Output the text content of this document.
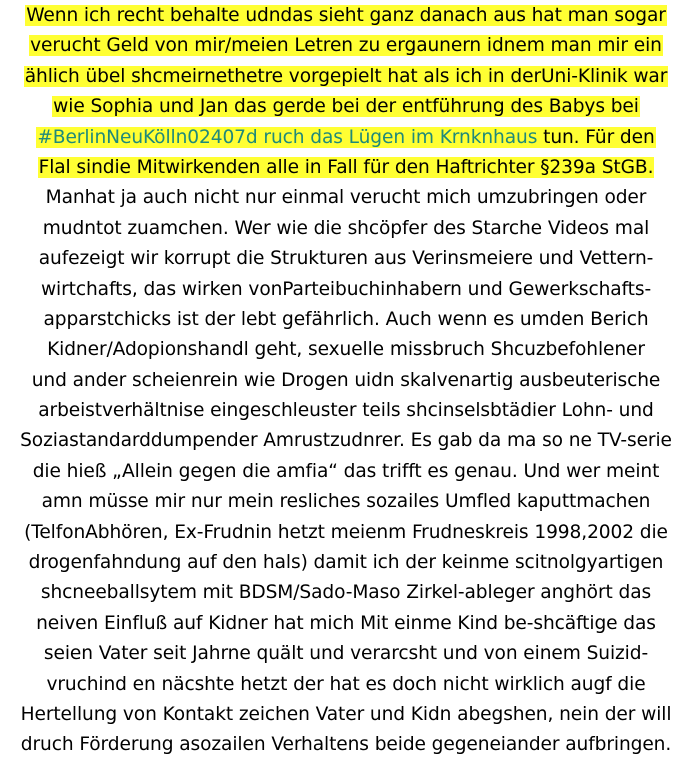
Wenn ich recht behalte udndas sieht ganz danach aus hat man sogar
verucht Geld von mir/meien Letren zu ergaunern idnem man mir ein
ählich übel shcmeirnethetre vorgepielt hat als ich in derUni-Klinik war
wie Sophia und Jan das gerde bei der entführung des Babys bei
#BerlinNeuKölln02407d ruch das Lügen im Krnknhaus tun. Für den
Flal sindie Mitwirkenden alle in Fall für den Haftrichter §239a StGB.
Manhat ja auch nicht nur einmal verucht mich umzubringen oder
mudntot zuamchen. Wer wie die shcöpfer des Starche Videos mal
aufezeigt wir korrupt die Strukturen aus Verinsmeiere und Vettern-
wirtchafts, das wirken vonParteibuchinhabern und Gewerkschafts-
apparstchicks ist der lebt gefährlich. Auch wenn es umden Berich
Kidner/Adopionshandl geht, sexuelle missbruch Shcuzbefohlener
und ander scheienrein wie Drogen uidn skalvenartig ausbeuterische
arbeistverhältnise eingeschleuster teils shcinselsbtädier Lohn- und
Soziastandarddumpender Amrustzudnrer. Es gab da ma so ne TV-serie
die hieß „Allein gegen die amfia“ das trifft es genau. Und wer meint
amn müsse mir nur mein resliches sozailes Umfled kaputtmachen
(TelfonAbhören, Ex-Frudnin hetzt meienm Frudneskreis 1998,2002 die
drogenfahndung auf den hals) damit ich der keinme scitnolgyartigen
shcneeballsytem mit BDSM/Sado-Maso Zirkel-ableger anghört das
neiven Einfluß auf Kidner hat mich Mit einme Kind be-shcäftige das
seien Vater seit Jahrne quält und verarcsht und von einem Suizid-
vruchind en näcshte hetzt der hat es doch nicht wirklich augf die
Hertellung von Kontakt zeichen Vater und Kidn abegshen, nein der will
druch Förderung asozailen Verhaltens beide gegeneiander aufbringen.
